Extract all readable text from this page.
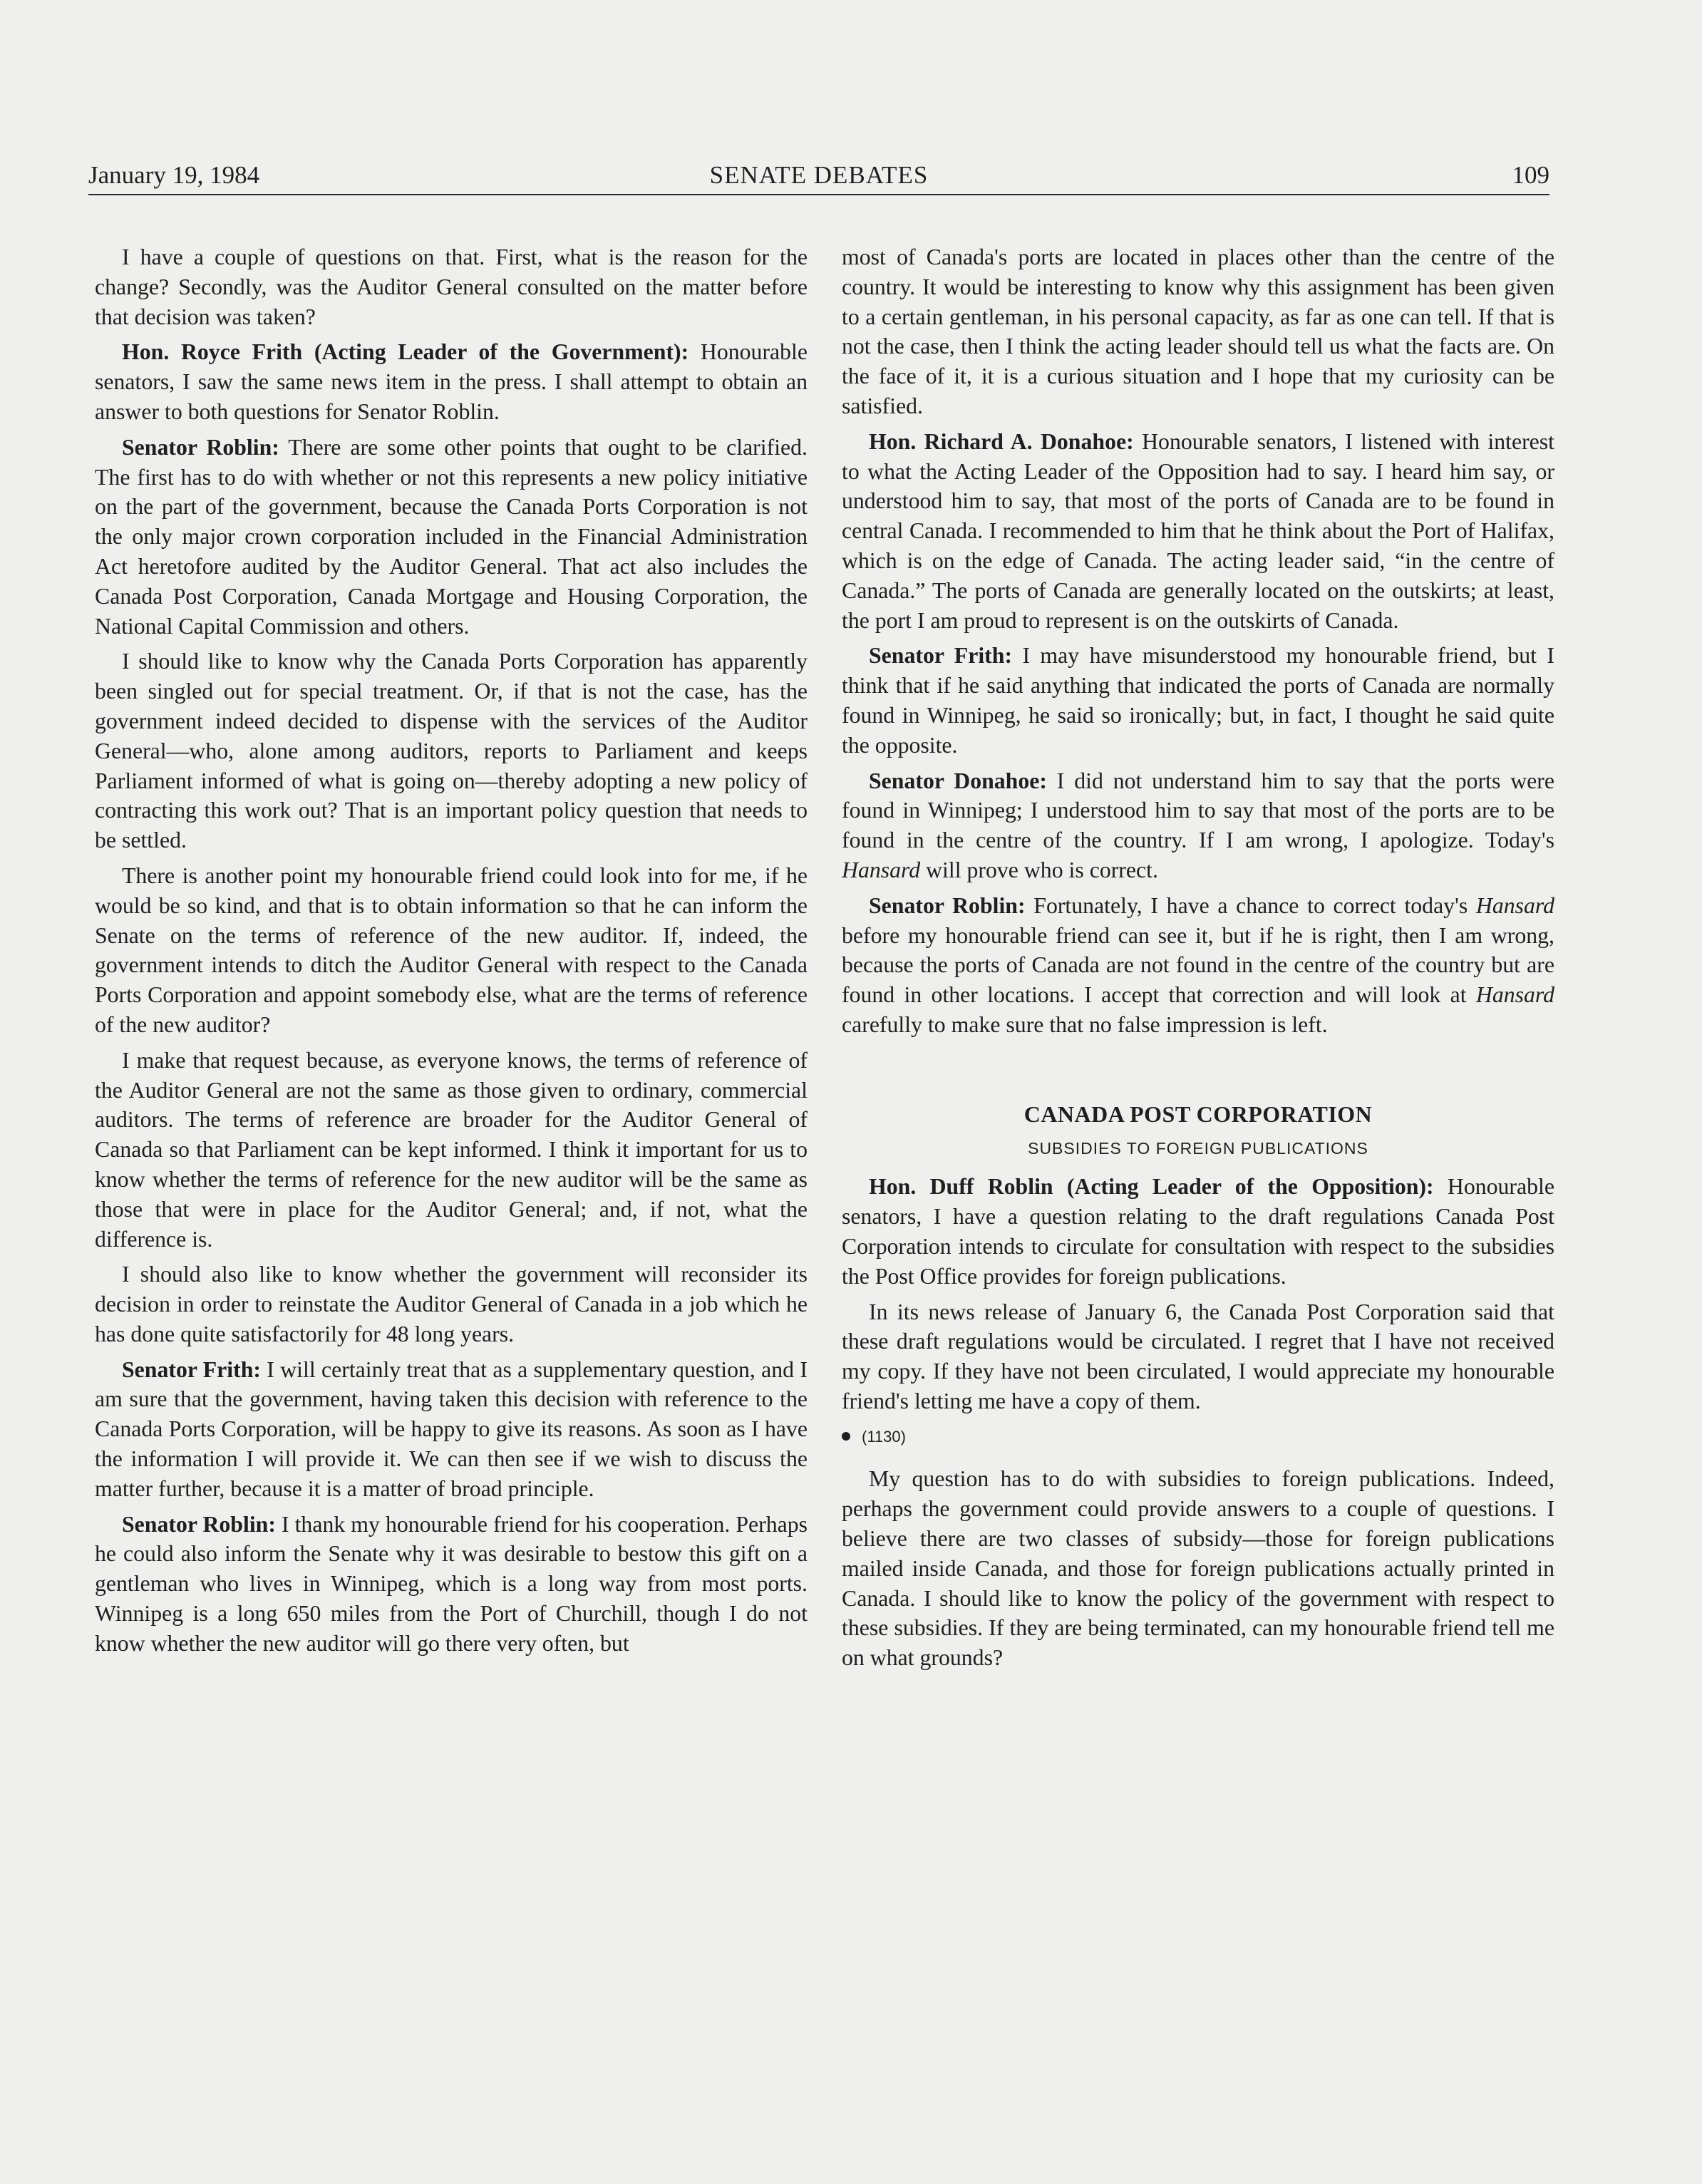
January 19, 1984	SENATE DEBATES	109

I have a couple of questions on that. First, what is the reason for the change? Secondly, was the Auditor General consulted on the matter before that decision was taken?

Hon. Royce Frith (Acting Leader of the Government): Honourable senators, I saw the same news item in the press. I shall attempt to obtain an answer to both questions for Senator Roblin.

Senator Roblin: There are some other points that ought to be clarified. The first has to do with whether or not this represents a new policy initiative on the part of the government, because the Canada Ports Corporation is not the only major crown corporation included in the Financial Administration Act heretofore audited by the Auditor General. That act also includes the Canada Post Corporation, Canada Mortgage and Housing Corporation, the National Capital Commission and others.

I should like to know why the Canada Ports Corporation has apparently been singled out for special treatment. Or, if that is not the case, has the government indeed decided to dispense with the services of the Auditor General—who, alone among auditors, reports to Parliament and keeps Parliament informed of what is going on—thereby adopting a new policy of contracting this work out? That is an important policy question that needs to be settled.

There is another point my honourable friend could look into for me, if he would be so kind, and that is to obtain information so that he can inform the Senate on the terms of reference of the new auditor. If, indeed, the government intends to ditch the Auditor General with respect to the Canada Ports Corporation and appoint somebody else, what are the terms of reference of the new auditor?

I make that request because, as everyone knows, the terms of reference of the Auditor General are not the same as those given to ordinary, commercial auditors. The terms of reference are broader for the Auditor General of Canada so that Parliament can be kept informed. I think it important for us to know whether the terms of reference for the new auditor will be the same as those that were in place for the Auditor General; and, if not, what the difference is.

I should also like to know whether the government will reconsider its decision in order to reinstate the Auditor General of Canada in a job which he has done quite satisfactorily for 48 long years.

Senator Frith: I will certainly treat that as a supplementary question, and I am sure that the government, having taken this decision with reference to the Canada Ports Corporation, will be happy to give its reasons. As soon as I have the information I will provide it. We can then see if we wish to discuss the matter further, because it is a matter of broad principle.

Senator Roblin: I thank my honourable friend for his cooperation. Perhaps he could also inform the Senate why it was desirable to bestow this gift on a gentleman who lives in Winnipeg, which is a long way from most ports. Winnipeg is a long 650 miles from the Port of Churchill, though I do not know whether the new auditor will go there very often, but

most of Canada's ports are located in places other than the centre of the country. It would be interesting to know why this assignment has been given to a certain gentleman, in his personal capacity, as far as one can tell. If that is not the case, then I think the acting leader should tell us what the facts are. On the face of it, it is a curious situation and I hope that my curiosity can be satisfied.

Hon. Richard A. Donahoe: Honourable senators, I listened with interest to what the Acting Leader of the Opposition had to say. I heard him say, or understood him to say, that most of the ports of Canada are to be found in central Canada. I recommended to him that he think about the Port of Halifax, which is on the edge of Canada. The acting leader said, “in the centre of Canada.” The ports of Canada are generally located on the outskirts; at least, the port I am proud to represent is on the outskirts of Canada.

Senator Frith: I may have misunderstood my honourable friend, but I think that if he said anything that indicated the ports of Canada are normally found in Winnipeg, he said so ironically; but, in fact, I thought he said quite the opposite.

Senator Donahoe: I did not understand him to say that the ports were found in Winnipeg; I understood him to say that most of the ports are to be found in the centre of the country. If I am wrong, I apologize. Today's Hansard will prove who is correct.

Senator Roblin: Fortunately, I have a chance to correct today's Hansard before my honourable friend can see it, but if he is right, then I am wrong, because the ports of Canada are not found in the centre of the country but are found in other locations. I accept that correction and will look at Hansard carefully to make sure that no false impression is left.

CANADA POST CORPORATION
SUBSIDIES TO FOREIGN PUBLICATIONS

Hon. Duff Roblin (Acting Leader of the Opposition): Honourable senators, I have a question relating to the draft regulations Canada Post Corporation intends to circulate for consultation with respect to the subsidies the Post Office provides for foreign publications.

In its news release of January 6, the Canada Post Corporation said that these draft regulations would be circulated. I regret that I have not received my copy. If they have not been circulated, I would appreciate my honourable friend's letting me have a copy of them.

(1130)

My question has to do with subsidies to foreign publications. Indeed, perhaps the government could provide answers to a couple of questions. I believe there are two classes of subsidy—those for foreign publications mailed inside Canada, and those for foreign publications actually printed in Canada. I should like to know the policy of the government with respect to these subsidies. If they are being terminated, can my honourable friend tell me on what grounds?
